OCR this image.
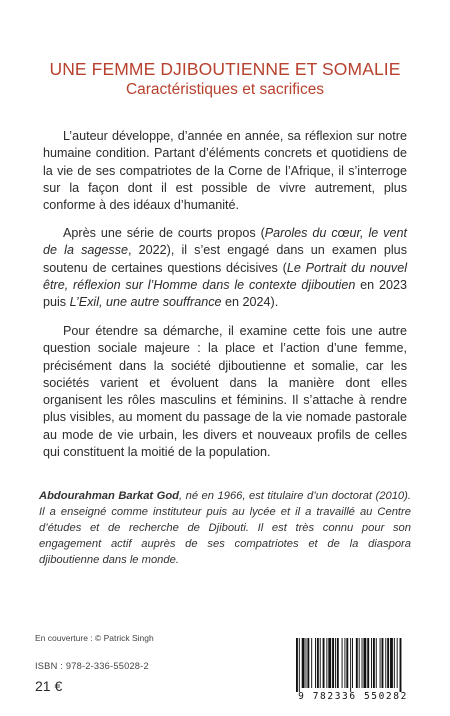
UNE FEMME DJIBOUTIENNE ET SOMALIE
Caractéristiques et sacrifices

L’auteur développe, d’année en année, sa réflexion sur notre humaine condition. Partant d’éléments concrets et quotidiens de la vie de ses compatriotes de la Corne de l’Afrique, il s’interroge sur la façon dont il est possible de vivre autrement, plus conforme à des idéaux d’humanité.

Après une série de courts propos (Paroles du cœur, le vent de la sagesse, 2022), il s’est engagé dans un examen plus soutenu de certaines questions décisives (Le Portrait du nouvel être, réflexion sur l’Homme dans le contexte djiboutien en 2023 puis L’Exil, une autre souffrance en 2024).

Pour étendre sa démarche, il examine cette fois une autre question sociale majeure : la place et l’action d’une femme, précisément dans la société djiboutienne et somalie, car les sociétés varient et évoluent dans la manière dont elles organisent les rôles masculins et féminins. Il s’attache à rendre plus visibles, au moment du passage de la vie nomade pastorale au mode de vie urbain, les divers et nouveaux profils de celles qui constituent la moitié de la population.

Abdourahman Barkat God, né en 1966, est titulaire d’un doctorat (2010). Il a enseigné comme instituteur puis au lycée et il a travaillé au Centre d’études et de recherche de Djibouti. Il est très connu pour son engagement actif auprès de ses compatriotes et de la diaspora djiboutienne dans le monde.

En couverture : © Patrick Singh
ISBN : 978-2-336-55028-2
21 €
9 782336 550282
